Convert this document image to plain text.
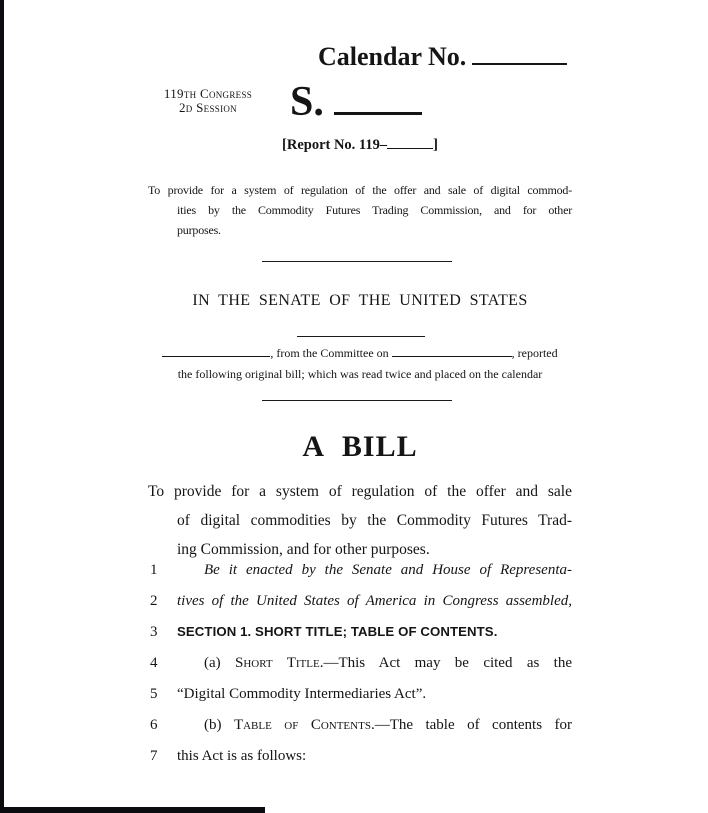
Calendar No.
119th Congress
2d Session	S.
[Report No. 119–	]
To provide for a system of regulation of the offer and sale of digital commod-
ities by the Commodity Futures Trading Commission, and for other
purposes.
IN THE SENATE OF THE UNITED STATES
, from the Committee on	, reported
the following original bill; which was read twice and placed on the calendar
A BILL
To provide for a system of regulation of the offer and sale
of digital commodities by the Commodity Futures Trad-
ing Commission, and for other purposes.
1	Be it enacted by the Senate and House of Representa-
2 tives of the United States of America in Congress assembled,
3 SECTION 1. SHORT TITLE; TABLE OF CONTENTS.
4	(a) Short Title.—This Act may be cited as the
5 “Digital Commodity Intermediaries Act”.
6	(b) Table of Contents.—The table of contents for
7 this Act is as follows:
